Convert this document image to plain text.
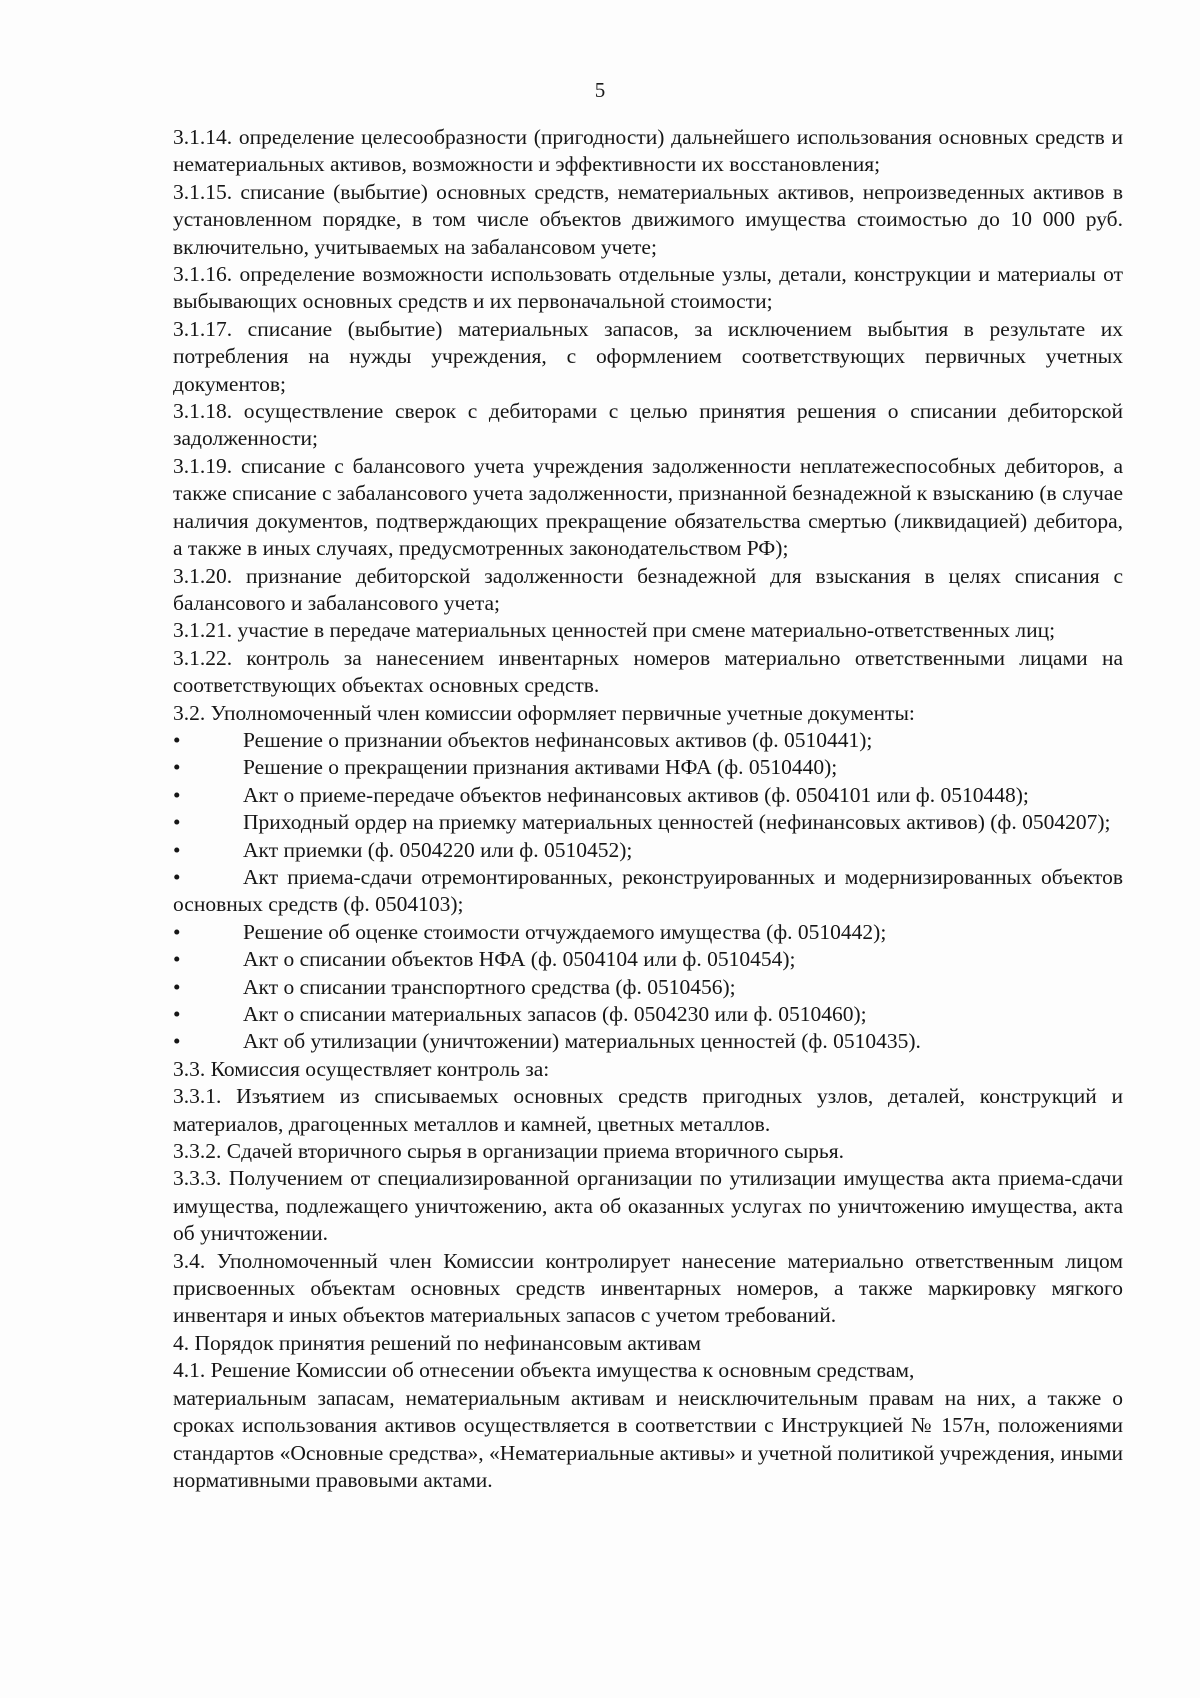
5

3.1.14. определение целесообразности (пригодности) дальнейшего использования основных средств и нематериальных активов, возможности и эффективности их восстановления;

3.1.15. списание (выбытие) основных средств, нематериальных активов, непроизведенных активов в установленном порядке, в том числе объектов движимого имущества стоимостью до 10 000 руб. включительно, учитываемых на забалансовом учете;

3.1.16. определение возможности использовать отдельные узлы, детали, конструкции и материалы от выбывающих основных средств и их первоначальной стоимости;

3.1.17. списание (выбытие) материальных запасов, за исключением выбытия в результате их потребления на нужды учреждения, с оформлением соответствующих первичных учетных документов;

3.1.18. осуществление сверок с дебиторами с целью принятия решения о списании дебиторской задолженности;

3.1.19. списание с балансового учета учреждения задолженности неплатежеспособных дебиторов, а также списание с забалансового учета задолженности, признанной безнадежной к взысканию (в случае наличия документов, подтверждающих прекращение обязательства смертью (ликвидацией) дебитора, а также в иных случаях, предусмотренных законодательством РФ);

3.1.20. признание дебиторской задолженности безнадежной для взыскания в целях списания с балансового и забалансового учета;

3.1.21. участие в передаче материальных ценностей при смене материально-ответственных лиц;

3.1.22. контроль за нанесением инвентарных номеров материально ответственными лицами на соответствующих объектах основных средств.

3.2. Уполномоченный член комиссии оформляет первичные учетные документы:

•	Решение о признании объектов нефинансовых активов (ф. 0510441);
•	Решение о прекращении признания активами НФА (ф. 0510440);
•	Акт о приеме-передаче объектов нефинансовых активов (ф. 0504101 или ф. 0510448);
•	Приходный ордер на приемку материальных ценностей (нефинансовых активов) (ф. 0504207);
•	Акт приемки (ф. 0504220 или ф. 0510452);
•	Акт приема-сдачи отремонтированных, реконструированных и модернизированных объектов основных средств (ф. 0504103);
•	Решение об оценке стоимости отчуждаемого имущества (ф. 0510442);
•	Акт о списании объектов НФА (ф. 0504104 или ф. 0510454);
•	Акт о списании транспортного средства (ф. 0510456);
•	Акт о списании материальных запасов (ф. 0504230 или ф. 0510460);
•	Акт об утилизации (уничтожении) материальных ценностей (ф. 0510435).

3.3. Комиссия осуществляет контроль за:

3.3.1. Изъятием из списываемых основных средств пригодных узлов, деталей, конструкций и материалов, драгоценных металлов и камней, цветных металлов.

3.3.2. Сдачей вторичного сырья в организации приема вторичного сырья.

3.3.3. Получением от специализированной организации по утилизации имущества акта приема-сдачи имущества, подлежащего уничтожению, акта об оказанных услугах по уничтожению имущества, акта об уничтожении.

3.4. Уполномоченный член Комиссии контролирует нанесение материально ответственным лицом присвоенных объектам основных средств инвентарных номеров, а также маркировку мягкого инвентаря и иных объектов материальных запасов с учетом требований.

4. Порядок принятия решений по нефинансовым активам

4.1. Решение Комиссии об отнесении объекта имущества к основным средствам,

материальным запасам, нематериальным активам и неисключительным правам на них, а также о сроках использования активов осуществляется в соответствии с Инструкцией № 157н, положениями стандартов «Основные средства», «Нематериальные активы» и учетной политикой учреждения, иными нормативными правовыми актами.
